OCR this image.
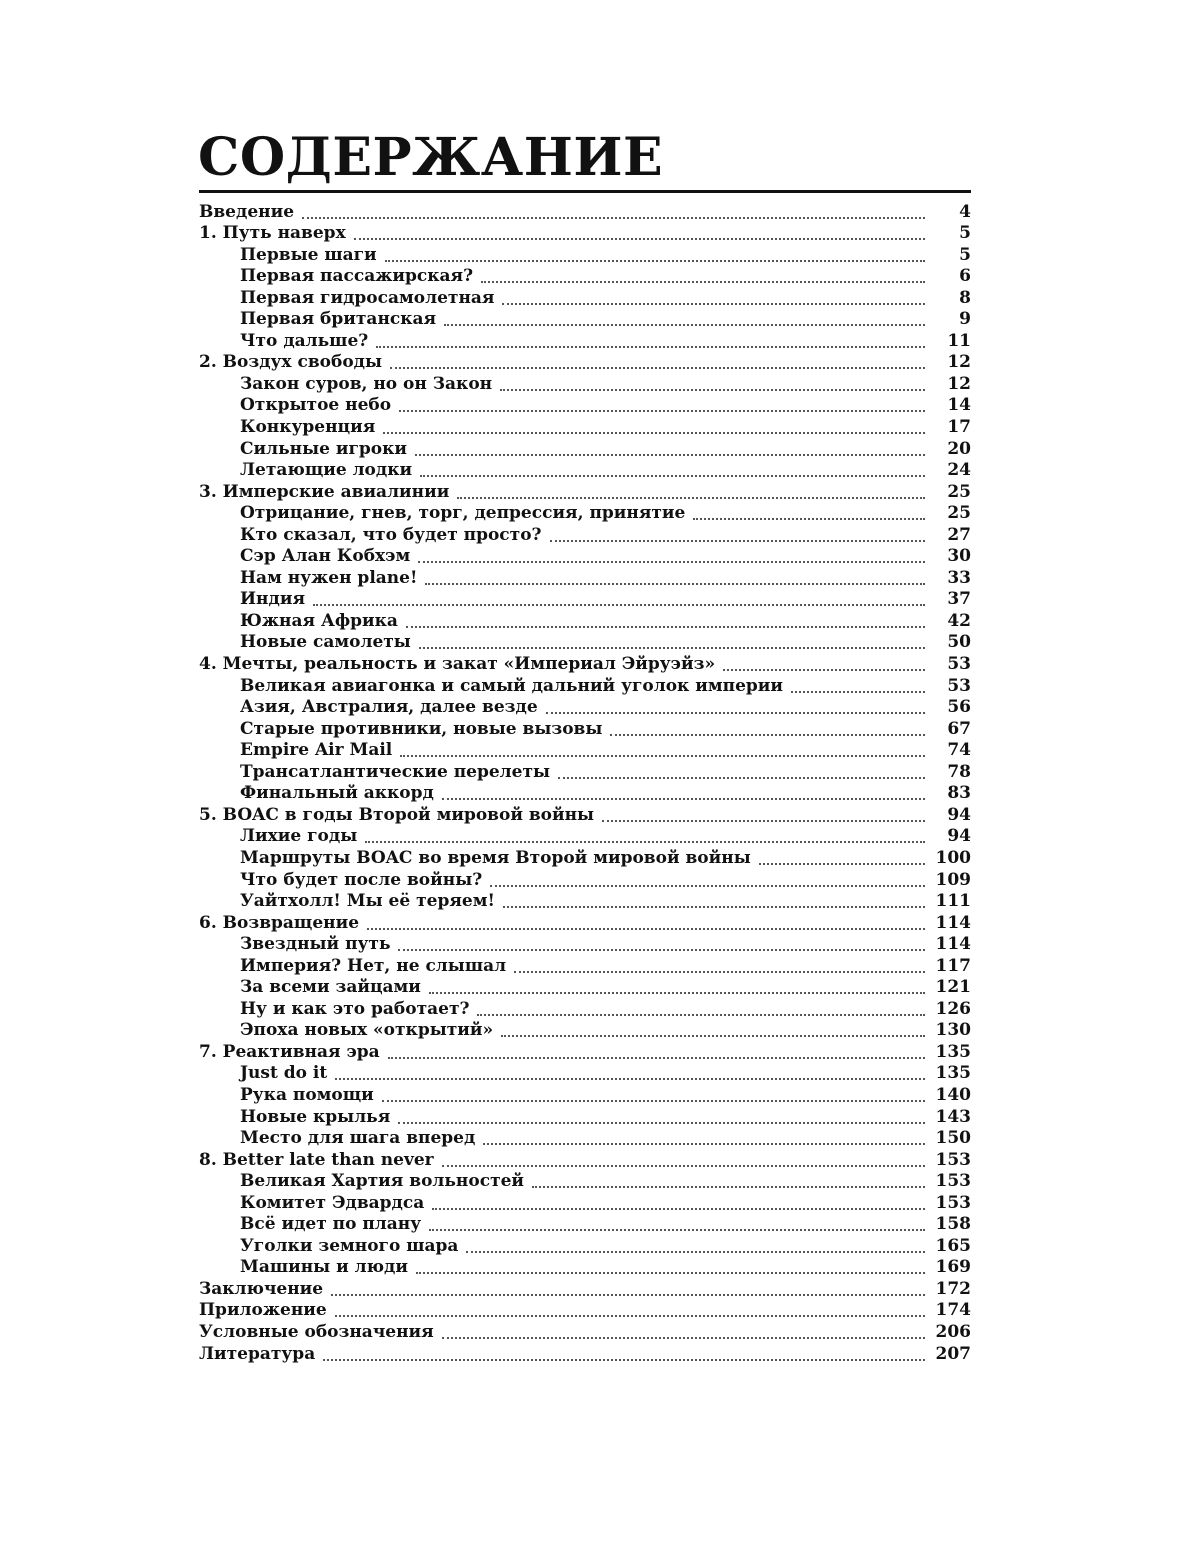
СОДЕРЖАНИЕ
Введение	4
1. Путь наверх	5
Первые шаги	5
Первая пассажирская?	6
Первая гидросамолетная	8
Первая британская	9
Что дальше?	11
2. Воздух свободы	12
Закон суров, но он Закон	12
Открытое небо	14
Конкуренция	17
Сильные игроки	20
Летающие лодки	24
3. Имперские авиалинии	25
Отрицание, гнев, торг, депрессия, принятие	25
Кто сказал, что будет просто?	27
Сэр Алан Кобхэм	30
Нам нужен plane!	33
Индия	37
Южная Африка	42
Новые самолеты	50
4. Мечты, реальность и закат «Империал Эйруэйз»	53
Великая авиагонка и самый дальний уголок империи	53
Азия, Австралия, далее везде	56
Старые противники, новые вызовы	67
Empire Air Mail	74
Трансатлантические перелеты	78
Финальный аккорд	83
5. BOAC в годы Второй мировой войны	94
Лихие годы	94
Маршруты BOAC во время Второй мировой войны	100
Что будет после войны?	109
Уайтхолл! Мы её теряем!	111
6. Возвращение	114
Звездный путь	114
Империя? Нет, не слышал	117
За всеми зайцами	121
Ну и как это работает?	126
Эпоха новых «открытий»	130
7. Реактивная эра	135
Just do it	135
Рука помощи	140
Новые крылья	143
Место для шага вперед	150
8. Better late than never	153
Великая Хартия вольностей	153
Комитет Эдвардса	153
Всё идет по плану	158
Уголки земного шара	165
Машины и люди	169
Заключение	172
Приложение	174
Условные обозначения	206
Литература	207
